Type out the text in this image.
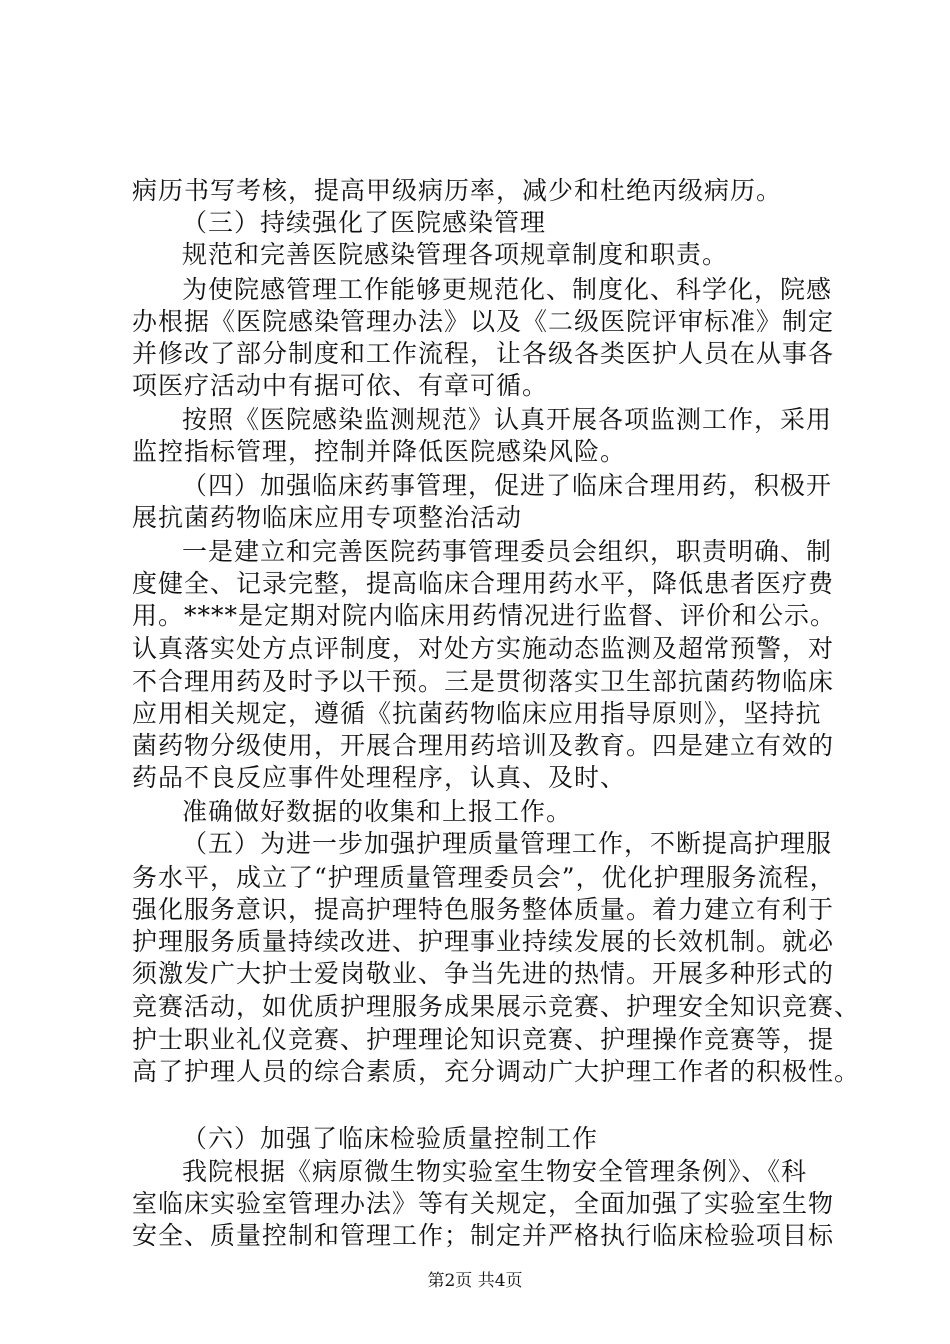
病历书写考核，提高甲级病历率，减少和杜绝丙级病历。
（三）持续强化了医院感染管理
规范和完善医院感染管理各项规章制度和职责。
为使院感管理工作能够更规范化、制度化、科学化，院感
办根据《医院感染管理办法》以及《二级医院评审标准》制定
并修改了部分制度和工作流程，让各级各类医护人员在从事各
项医疗活动中有据可依、有章可循。
按照《医院感染监测规范》认真开展各项监测工作，采用
监控指标管理，控制并降低医院感染风险。
（四）加强临床药事管理，促进了临床合理用药，积极开
展抗菌药物临床应用专项整治活动
一是建立和完善医院药事管理委员会组织，职责明确、制
度健全、记录完整，提高临床合理用药水平，降低患者医疗费
用。****是定期对院内临床用药情况进行监督、评价和公示。
认真落实处方点评制度，对处方实施动态监测及超常预警，对
不合理用药及时予以干预。三是贯彻落实卫生部抗菌药物临床
应用相关规定，遵循《抗菌药物临床应用指导原则》，坚持抗
菌药物分级使用，开展合理用药培训及教育。四是建立有效的
药品不良反应事件处理程序，认真、及时、
准确做好数据的收集和上报工作。
（五）为进一步加强护理质量管理工作，不断提高护理服
务水平，成立了“护理质量管理委员会”，优化护理服务流程，
强化服务意识，提高护理特色服务整体质量。着力建立有利于
护理服务质量持续改进、护理事业持续发展的长效机制。就必
须激发广大护士爱岗敬业、争当先进的热情。开展多种形式的
竞赛活动，如优质护理服务成果展示竞赛、护理安全知识竞赛、
护士职业礼仪竞赛、护理理论知识竞赛、护理操作竞赛等，提
高了护理人员的综合素质，充分调动广大护理工作者的积极性。
（六）加强了临床检验质量控制工作
我院根据《病原微生物实验室生物安全管理条例》、《科
室临床实验室管理办法》等有关规定，全面加强了实验室生物
安全、质量控制和管理工作；制定并严格执行临床检验项目标
第2页 共4页
